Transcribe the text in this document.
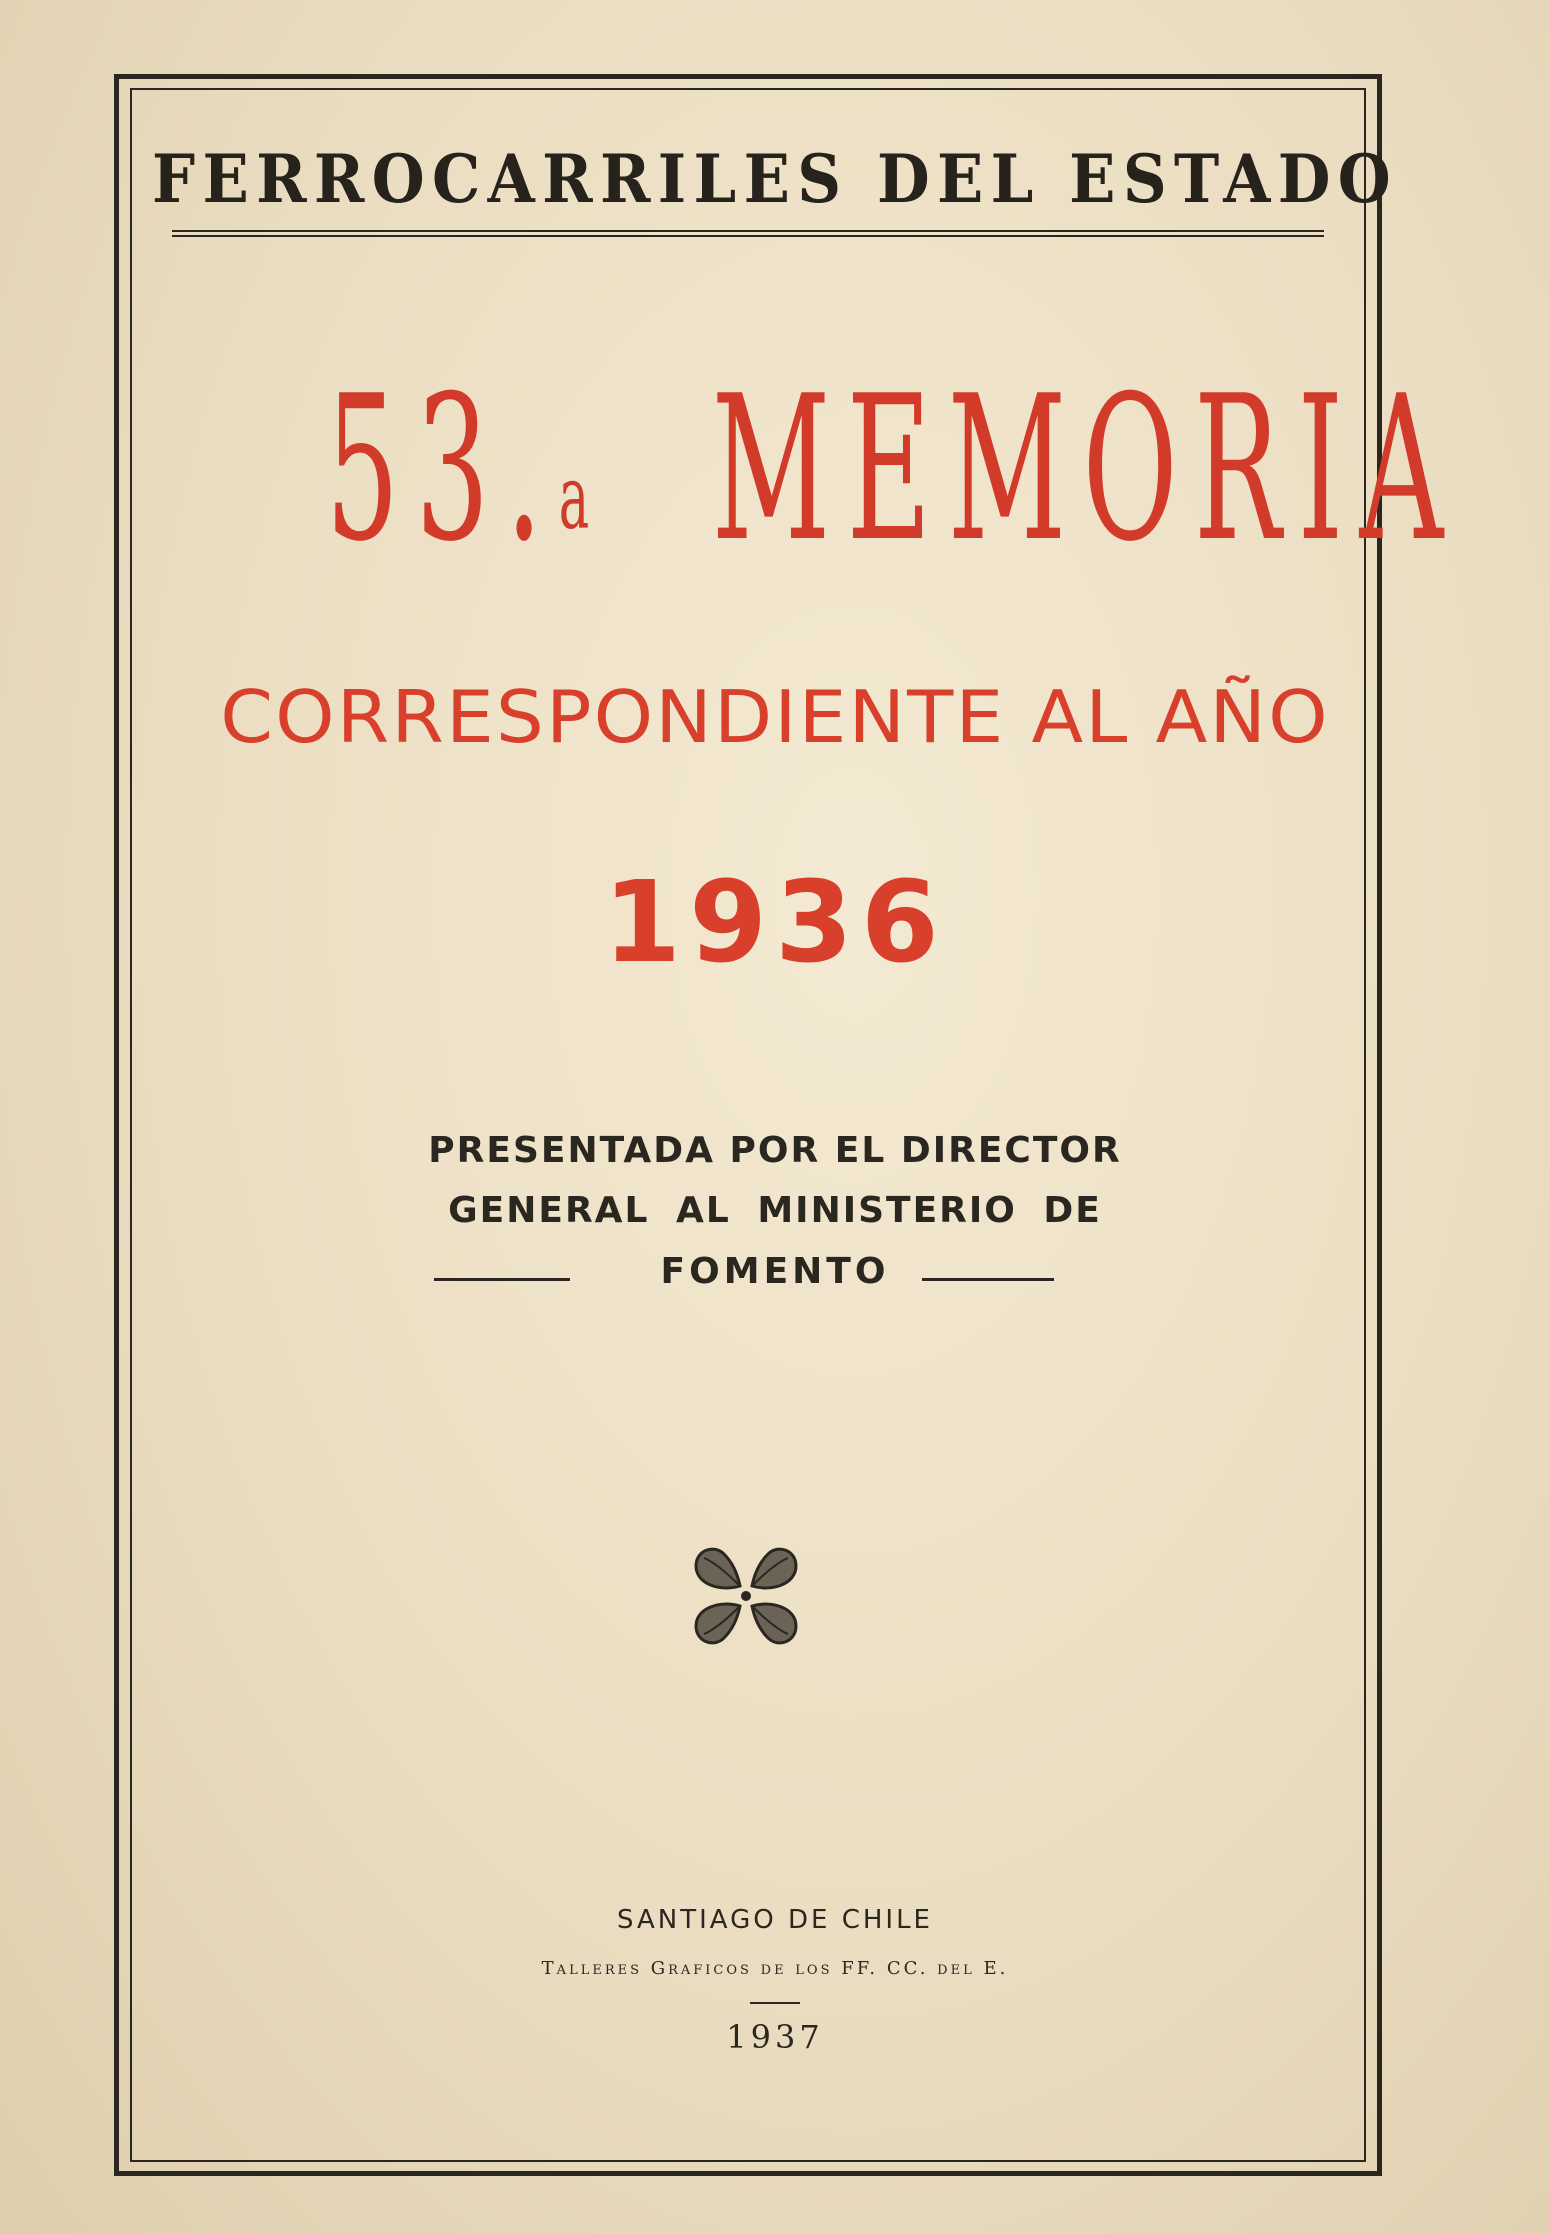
FERROCARRILES DEL ESTADO
53.$^a$ MEMORIA
CORRESPONDIENTE AL AÑO
1936
PRESENTADA POR EL DIRECTOR
GENERAL AL MINISTERIO DE
FOMENTO
SANTIAGO DE CHILE
Talleres Graficos de los FF. CC. del E.
1937
